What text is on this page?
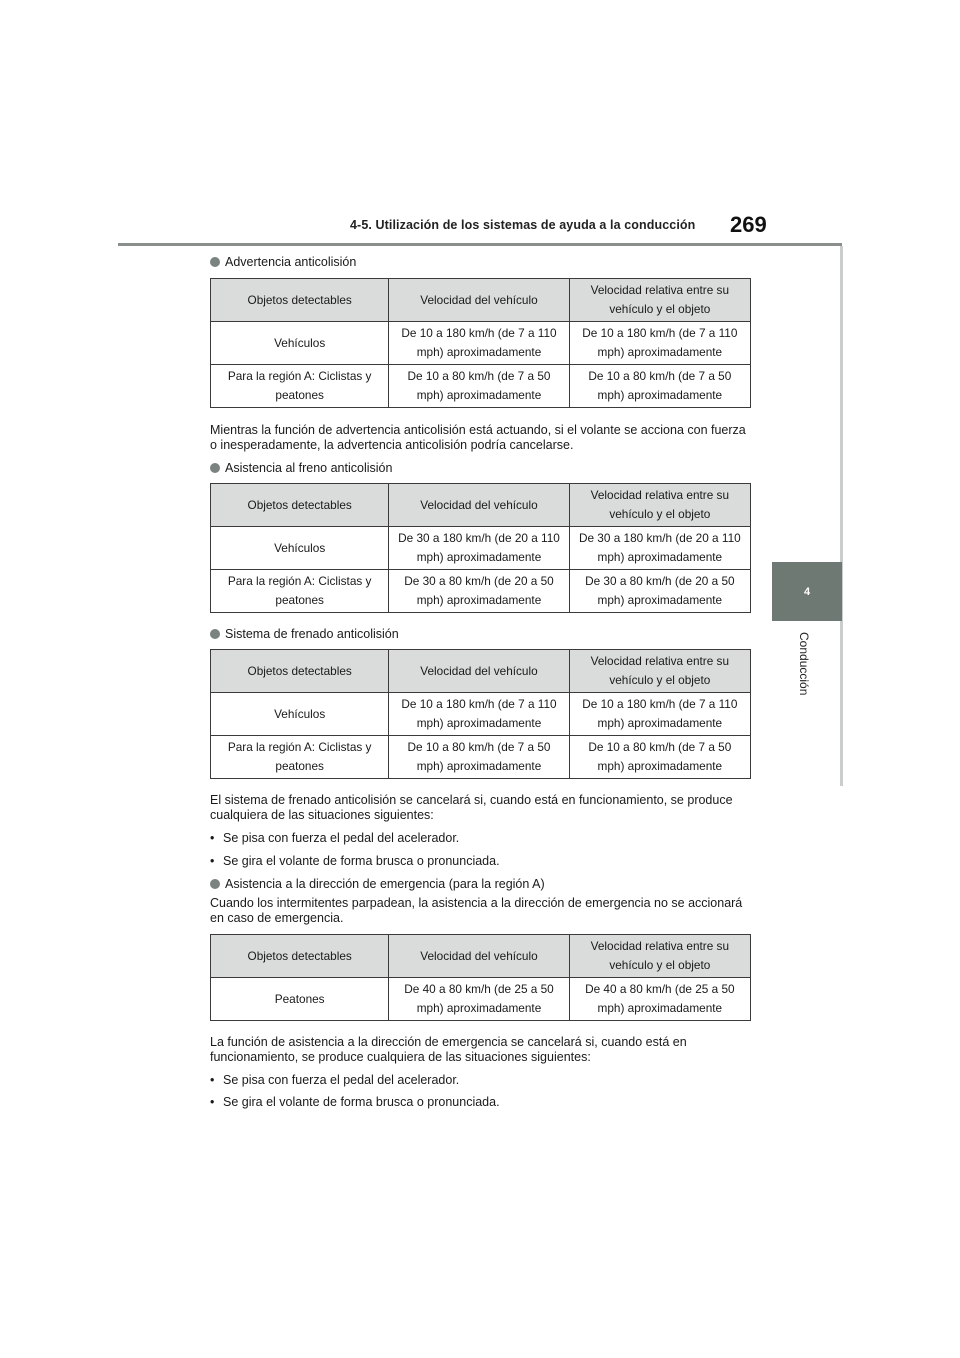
4-5. Utilización de los sistemas de ayuda a la conducción 269
4
Conducción
Advertencia anticolisión
Objetos detectables	Velocidad del vehículo	Velocidad relativa entre su vehículo y el objeto
Vehículos	De 10 a 180 km/h (de 7 a 110 mph) aproximadamente	De 10 a 180 km/h (de 7 a 110 mph) aproximadamente
Para la región A: Ciclistas y peatones	De 10 a 80 km/h (de 7 a 50 mph) aproximadamente	De 10 a 80 km/h (de 7 a 50 mph) aproximadamente
Mientras la función de advertencia anticolisión está actuando, si el volante se acciona con fuerza o inesperadamente, la advertencia anticolisión podría cancelarse.
Asistencia al freno anticolisión
Objetos detectables	Velocidad del vehículo	Velocidad relativa entre su vehículo y el objeto
Vehículos	De 30 a 180 km/h (de 20 a 110 mph) aproximadamente	De 30 a 180 km/h (de 20 a 110 mph) aproximadamente
Para la región A: Ciclistas y peatones	De 30 a 80 km/h (de 20 a 50 mph) aproximadamente	De 30 a 80 km/h (de 20 a 50 mph) aproximadamente
Sistema de frenado anticolisión
Objetos detectables	Velocidad del vehículo	Velocidad relativa entre su vehículo y el objeto
Vehículos	De 10 a 180 km/h (de 7 a 110 mph) aproximadamente	De 10 a 180 km/h (de 7 a 110 mph) aproximadamente
Para la región A: Ciclistas y peatones	De 10 a 80 km/h (de 7 a 50 mph) aproximadamente	De 10 a 80 km/h (de 7 a 50 mph) aproximadamente
El sistema de frenado anticolisión se cancelará si, cuando está en funcionamiento, se produce cualquiera de las situaciones siguientes:
• Se pisa con fuerza el pedal del acelerador.
• Se gira el volante de forma brusca o pronunciada.
Asistencia a la dirección de emergencia (para la región A)
Cuando los intermitentes parpadean, la asistencia a la dirección de emergencia no se accionará en caso de emergencia.
Objetos detectables	Velocidad del vehículo	Velocidad relativa entre su vehículo y el objeto
Peatones	De 40 a 80 km/h (de 25 a 50 mph) aproximadamente	De 40 a 80 km/h (de 25 a 50 mph) aproximadamente
La función de asistencia a la dirección de emergencia se cancelará si, cuando está en funcionamiento, se produce cualquiera de las situaciones siguientes:
• Se pisa con fuerza el pedal del acelerador.
• Se gira el volante de forma brusca o pronunciada.
